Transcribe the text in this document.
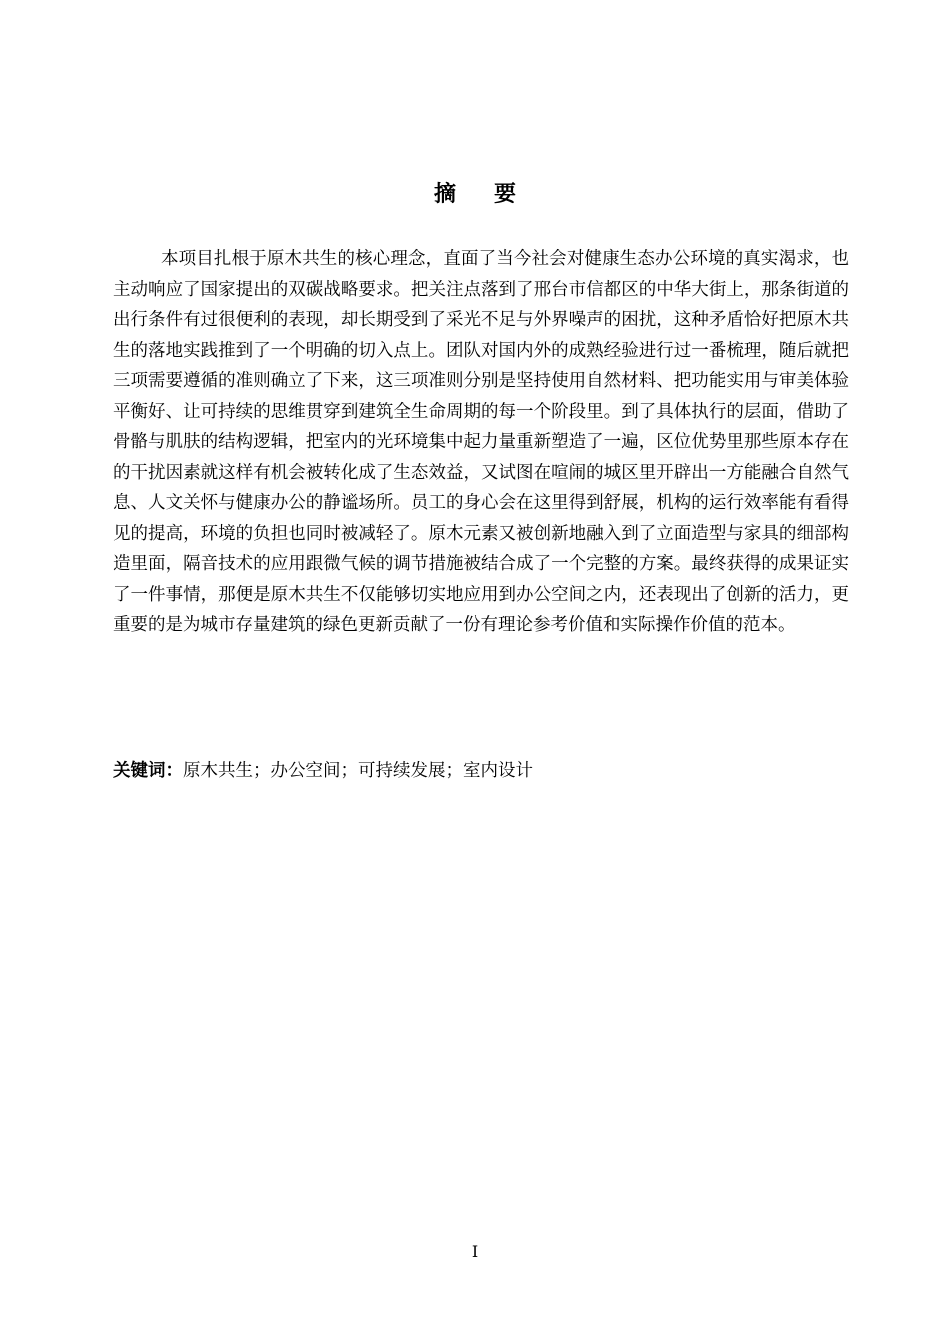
摘要

本项目扎根于原木共生的核心理念，直面了当今社会对健康生态办公环境的真实渴求，也主动响应了国家提出的双碳战略要求。把关注点落到了邢台市信都区的中华大街上，那条街道的出行条件有过很便利的表现，却长期受到了采光不足与外界噪声的困扰，这种矛盾恰好把原木共生的落地实践推到了一个明确的切入点上。团队对国内外的成熟经验进行过一番梳理，随后就把三项需要遵循的准则确立了下来，这三项准则分别是坚持使用自然材料、把功能实用与审美体验平衡好、让可持续的思维贯穿到建筑全生命周期的每一个阶段里。到了具体执行的层面，借助了骨骼与肌肤的结构逻辑，把室内的光环境集中起力量重新塑造了一遍，区位优势里那些原本存在的干扰因素就这样有机会被转化成了生态效益，又试图在喧闹的城区里开辟出一方能融合自然气息、人文关怀与健康办公的静谧场所。员工的身心会在这里得到舒展，机构的运行效率能有看得见的提高，环境的负担也同时被减轻了。原木元素又被创新地融入到了立面造型与家具的细部构造里面，隔音技术的应用跟微气候的调节措施被结合成了一个完整的方案。最终获得的成果证实了一件事情，那便是原木共生不仅能够切实地应用到办公空间之内，还表现出了创新的活力，更重要的是为城市存量建筑的绿色更新贡献了一份有理论参考价值和实际操作价值的范本。

关键词：原木共生；办公空间；可持续发展；室内设计
I
